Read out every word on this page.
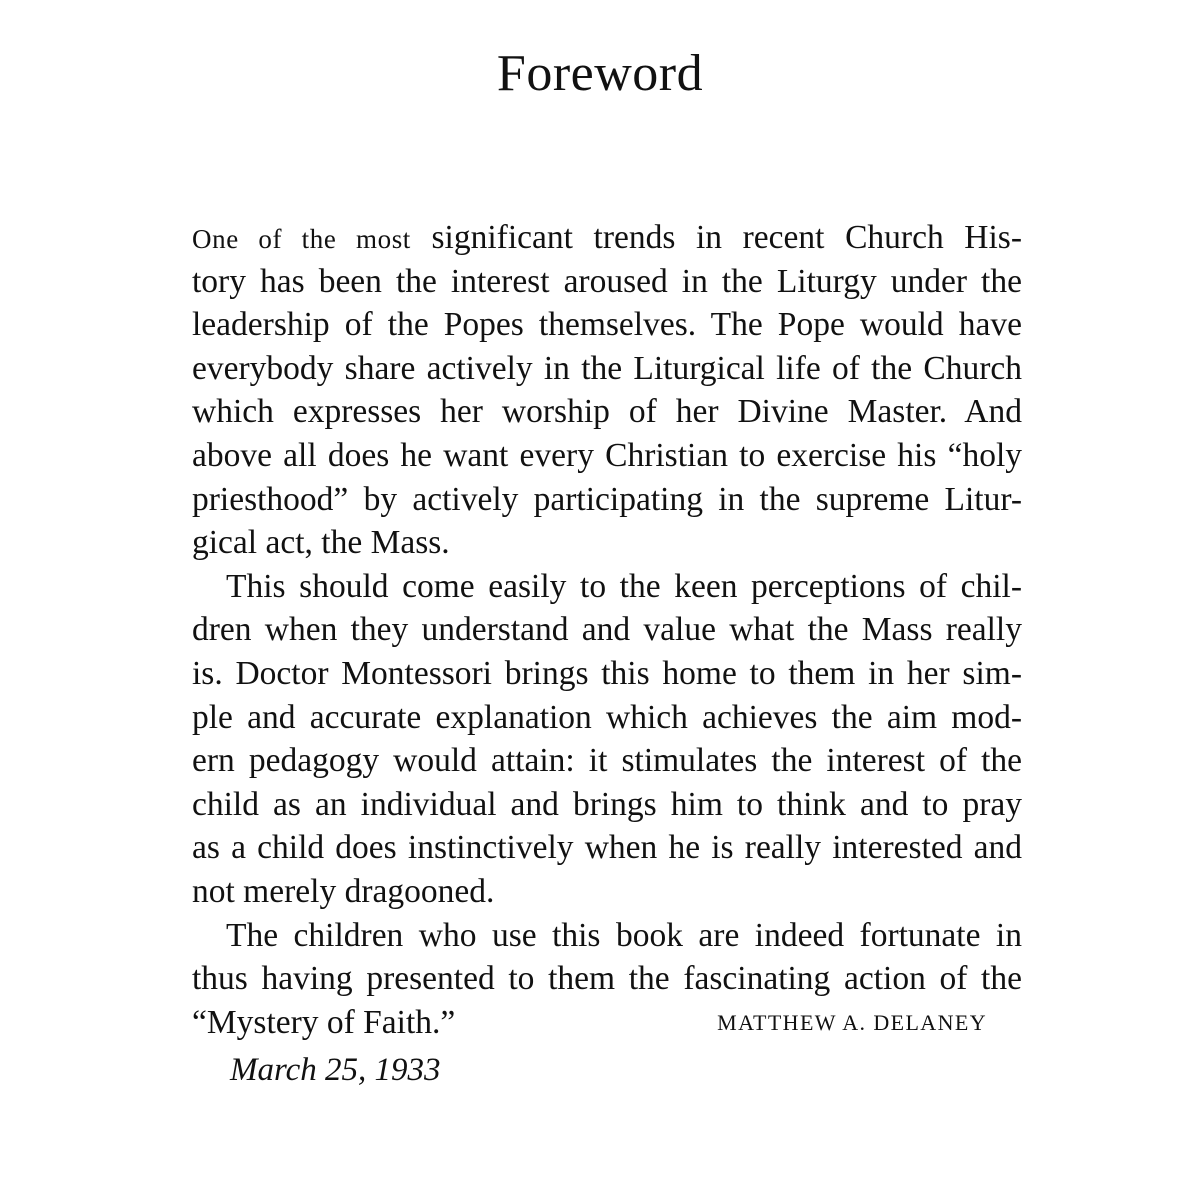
Foreword
One of the most significant trends in recent Church His-
tory has been the interest aroused in the Liturgy under the
leadership of the Popes themselves. The Pope would have
everybody share actively in the Liturgical life of the Church
which expresses her worship of her Divine Master. And
above all does he want every Christian to exercise his “holy
priesthood” by actively participating in the supreme Litur-
gical act, the Mass.
This should come easily to the keen perceptions of chil-
dren when they understand and value what the Mass really
is. Doctor Montessori brings this home to them in her sim-
ple and accurate explanation which achieves the aim mod-
ern pedagogy would attain: it stimulates the interest of the
child as an individual and brings him to think and to pray
as a child does instinctively when he is really interested and
not merely dragooned.
The children who use this book are indeed fortunate in
thus having presented to them the fascinating action of the
“Mystery of Faith.”	MATTHEW A. DELANEY

March 25, 1933
